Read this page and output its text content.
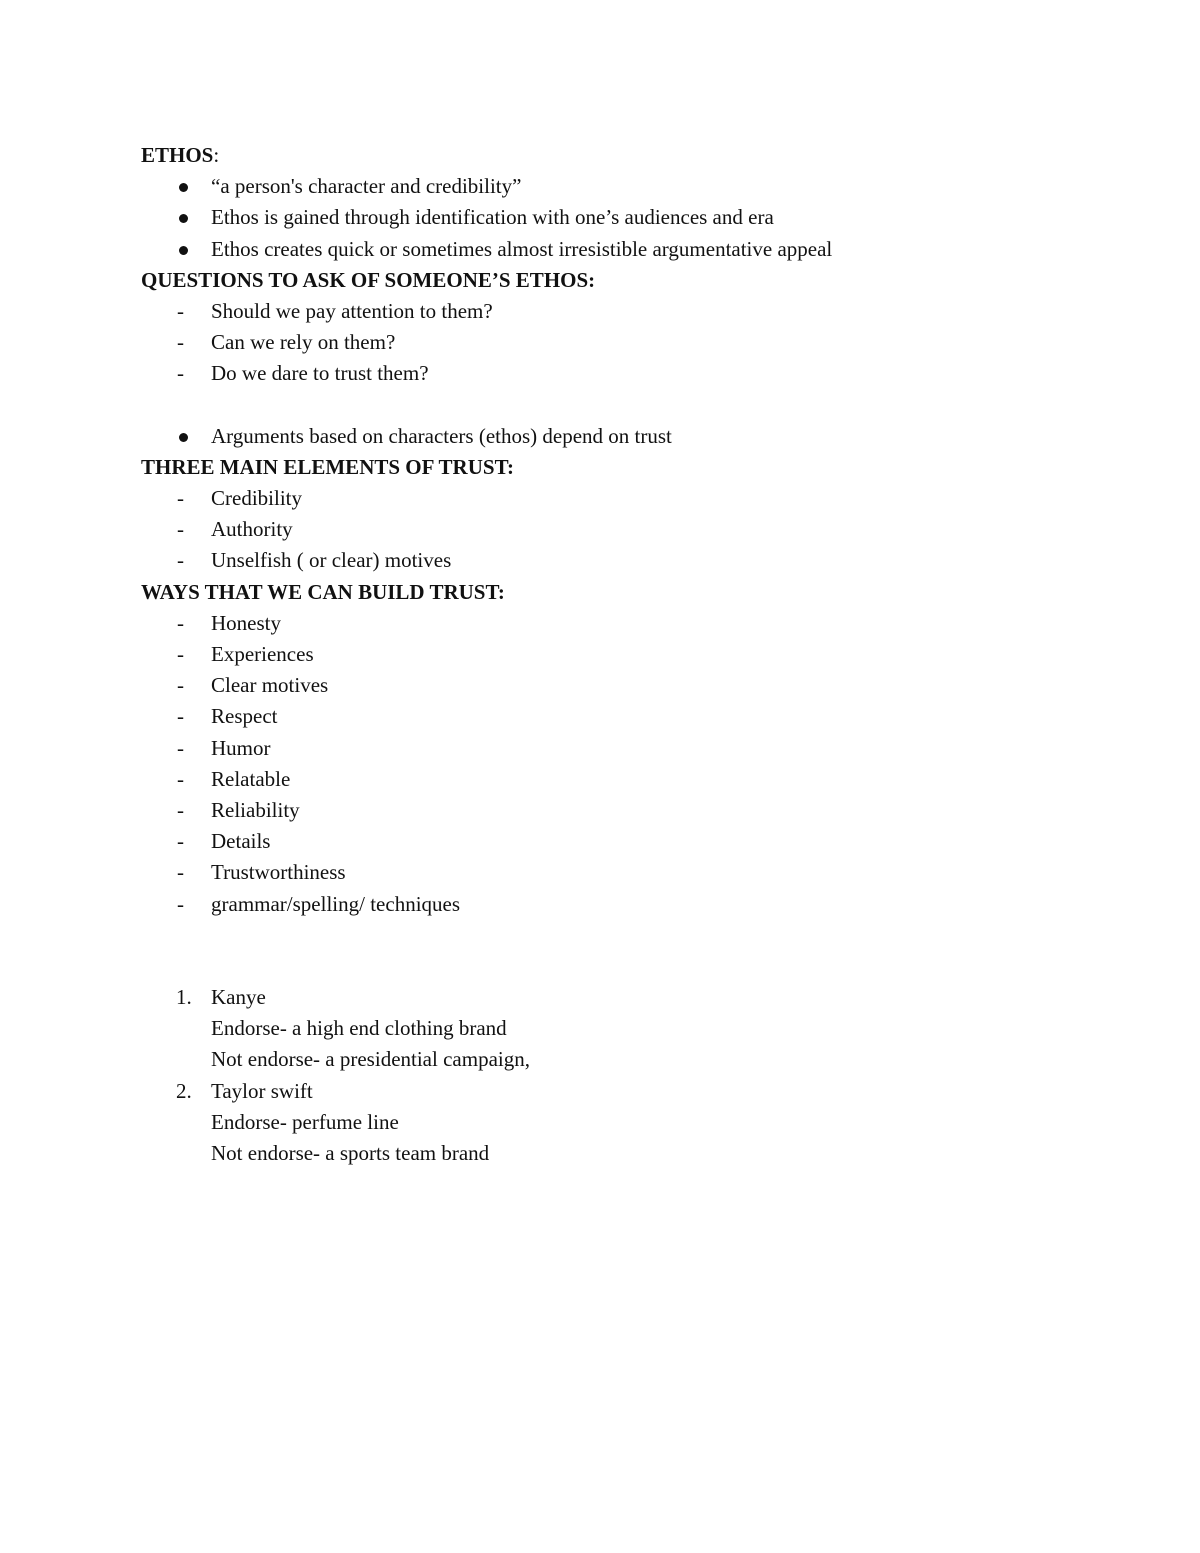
ETHOS:
“a person's character and credibility”
Ethos is gained through identification with one’s audiences and era
Ethos creates quick or sometimes almost irresistible argumentative appeal
QUESTIONS TO ASK OF SOMEONE’S ETHOS:
-	Should we pay attention to them?
-	Can we rely on them?
-	Do we dare to trust them?
Arguments based on characters (ethos) depend on trust
THREE MAIN ELEMENTS OF TRUST:
-	Credibility
-	Authority
-	Unselfish ( or clear) motives
WAYS THAT WE CAN BUILD TRUST:
-	Honesty
-	Experiences
-	Clear motives
-	Respect
-	Humor
-	Relatable
-	Reliability
-	Details
-	Trustworthiness
-	grammar/spelling/ techniques
1. Kanye
Endorse- a high end clothing brand
Not endorse- a presidential campaign,
2. Taylor swift
Endorse- perfume line
Not endorse- a sports team brand
